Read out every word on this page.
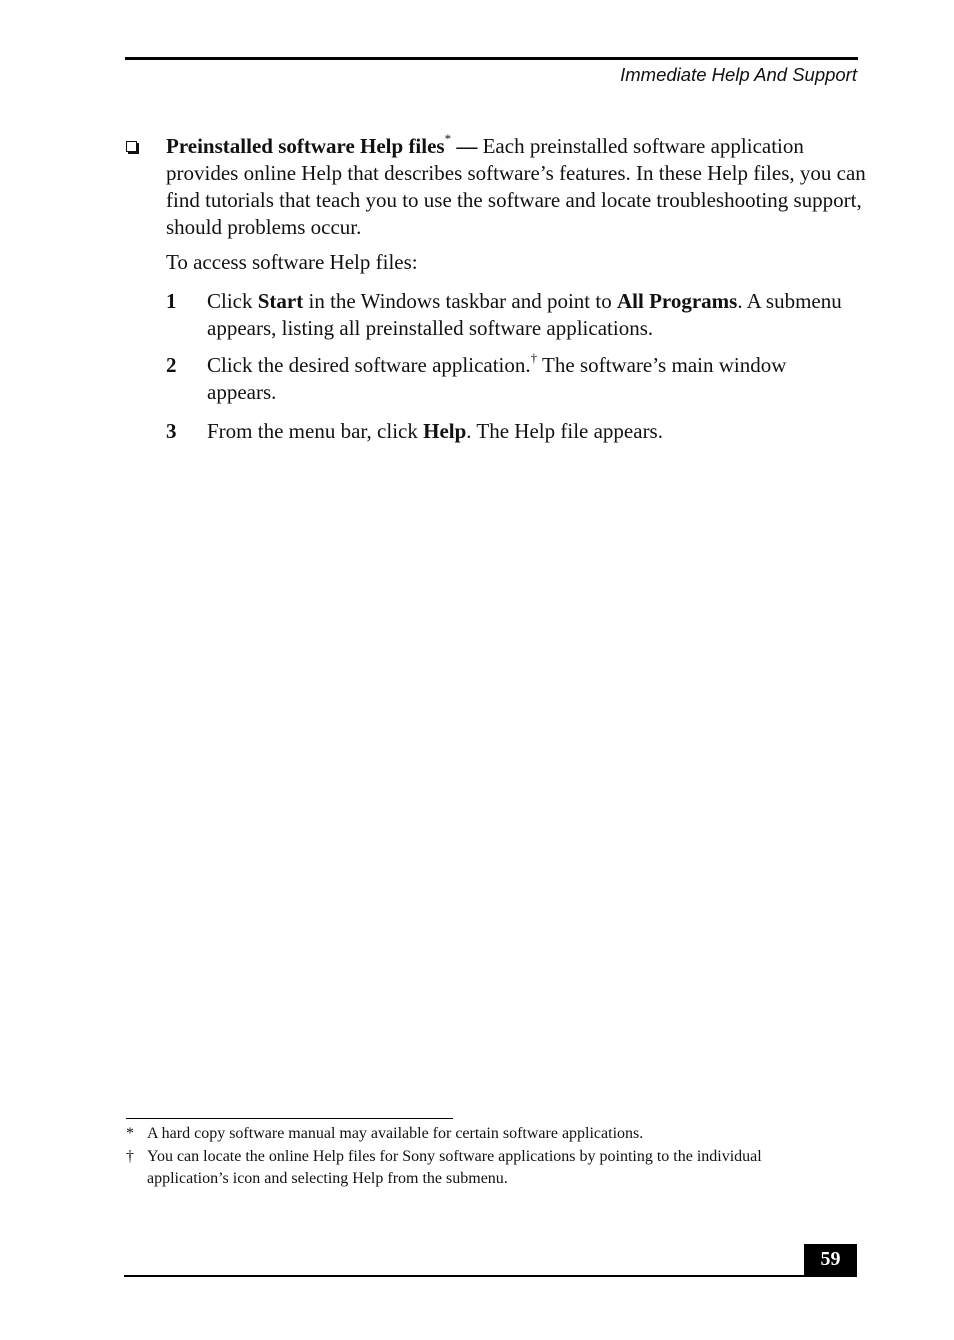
Immediate Help And Support
Preinstalled software Help files* — Each preinstalled software application provides online Help that describes software’s features. In these Help files, you can find tutorials that teach you to use the software and locate troubleshooting support, should problems occur.
To access software Help files:
1 Click Start in the Windows taskbar and point to All Programs. A submenu appears, listing all preinstalled software applications.
2 Click the desired software application.† The software’s main window appears.
3 From the menu bar, click Help. The Help file appears.
* A hard copy software manual may available for certain software applications.
† You can locate the online Help files for Sony software applications by pointing to the individual application’s icon and selecting Help from the submenu.
59
